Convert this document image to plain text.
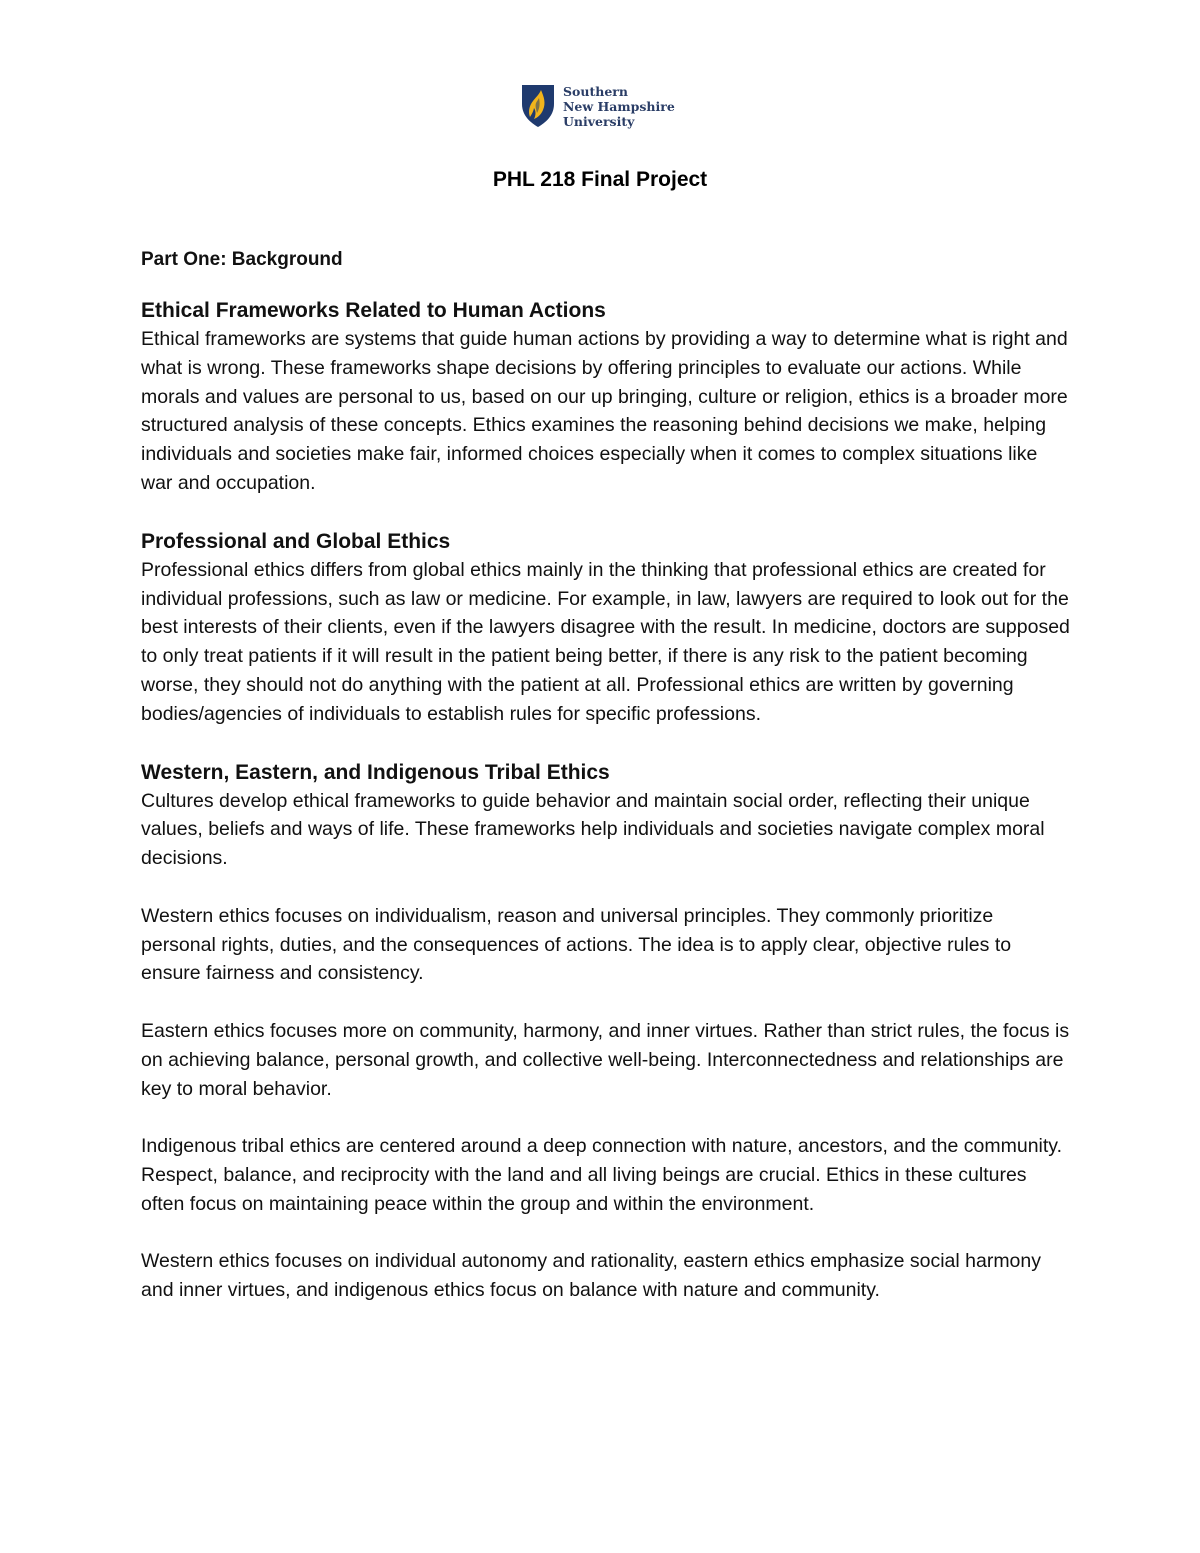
Southern
New Hampshire
University
PHL 218 Final Project

Part One: Background

Ethical Frameworks Related to Human Actions

Ethical frameworks are systems that guide human actions by providing a way to determine what is right and what is wrong. These frameworks shape decisions by offering principles to evaluate our actions. While morals and values are personal to us, based on our up bringing, culture or religion, ethics is a broader more structured analysis of these concepts. Ethics examines the reasoning behind decisions we make, helping individuals and societies make fair, informed choices especially when it comes to complex situations like war and occupation.

Professional and Global Ethics

Professional ethics differs from global ethics mainly in the thinking that professional ethics are created for individual professions, such as law or medicine. For example, in law, lawyers are required to look out for the best interests of their clients, even if the lawyers disagree with the result. In medicine, doctors are supposed to only treat patients if it will result in the patient being better, if there is any risk to the patient becoming worse, they should not do anything with the patient at all. Professional ethics are written by governing bodies/agencies of individuals to establish rules for specific professions.

Western, Eastern, and Indigenous Tribal Ethics

Cultures develop ethical frameworks to guide behavior and maintain social order, reflecting their unique values, beliefs and ways of life. These frameworks help individuals and societies navigate complex moral decisions.

Western ethics focuses on individualism, reason and universal principles. They commonly prioritize personal rights, duties, and the consequences of actions. The idea is to apply clear, objective rules to ensure fairness and consistency.

Eastern ethics focuses more on community, harmony, and inner virtues. Rather than strict rules, the focus is on achieving balance, personal growth, and collective well-being. Interconnectedness and relationships are key to moral behavior.

Indigenous tribal ethics are centered around a deep connection with nature, ancestors, and the community. Respect, balance, and reciprocity with the land and all living beings are crucial. Ethics in these cultures often focus on maintaining peace within the group and within the environment.

Western ethics focuses on individual autonomy and rationality, eastern ethics emphasize social harmony and inner virtues, and indigenous ethics focus on balance with nature and community.
